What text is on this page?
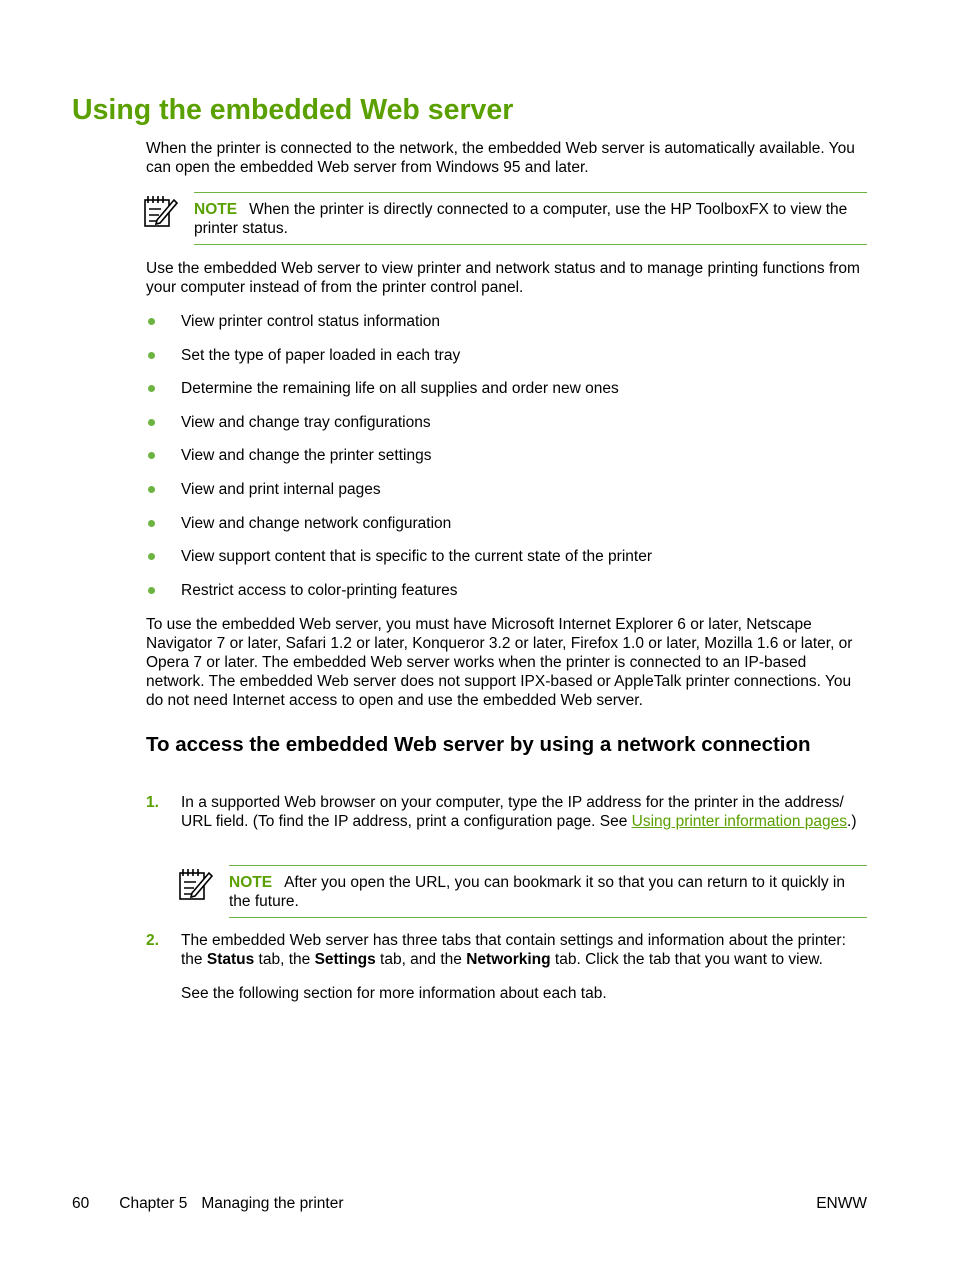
Using the embedded Web server

When the printer is connected to the network, the embedded Web server is automatically available. You can open the embedded Web server from Windows 95 and later.

NOTE When the printer is directly connected to a computer, use the HP ToolboxFX to view the printer status.

Use the embedded Web server to view printer and network status and to manage printing functions from your computer instead of from the printer control panel.

View printer control status information
Set the type of paper loaded in each tray
Determine the remaining life on all supplies and order new ones
View and change tray configurations
View and change the printer settings
View and print internal pages
View and change network configuration
View support content that is specific to the current state of the printer
Restrict access to color-printing features

To use the embedded Web server, you must have Microsoft Internet Explorer 6 or later, Netscape Navigator 7 or later, Safari 1.2 or later, Konqueror 3.2 or later, Firefox 1.0 or later, Mozilla 1.6 or later, or Opera 7 or later. The embedded Web server works when the printer is connected to an IP-based network. The embedded Web server does not support IPX-based or AppleTalk printer connections. You do not need Internet access to open and use the embedded Web server.

To access the embedded Web server by using a network connection
1. In a supported Web browser on your computer, type the IP address for the printer in the address/ URL field. (To find the IP address, print a configuration page. See Using printer information pages.)

NOTE After you open the URL, you can bookmark it so that you can return to it quickly in the future.
2. The embedded Web server has three tabs that contain settings and information about the printer: the Status tab, the Settings tab, and the Networking tab. Click the tab that you want to view.

See the following section for more information about each tab.

60 Chapter 5 Managing the printer	ENWW
